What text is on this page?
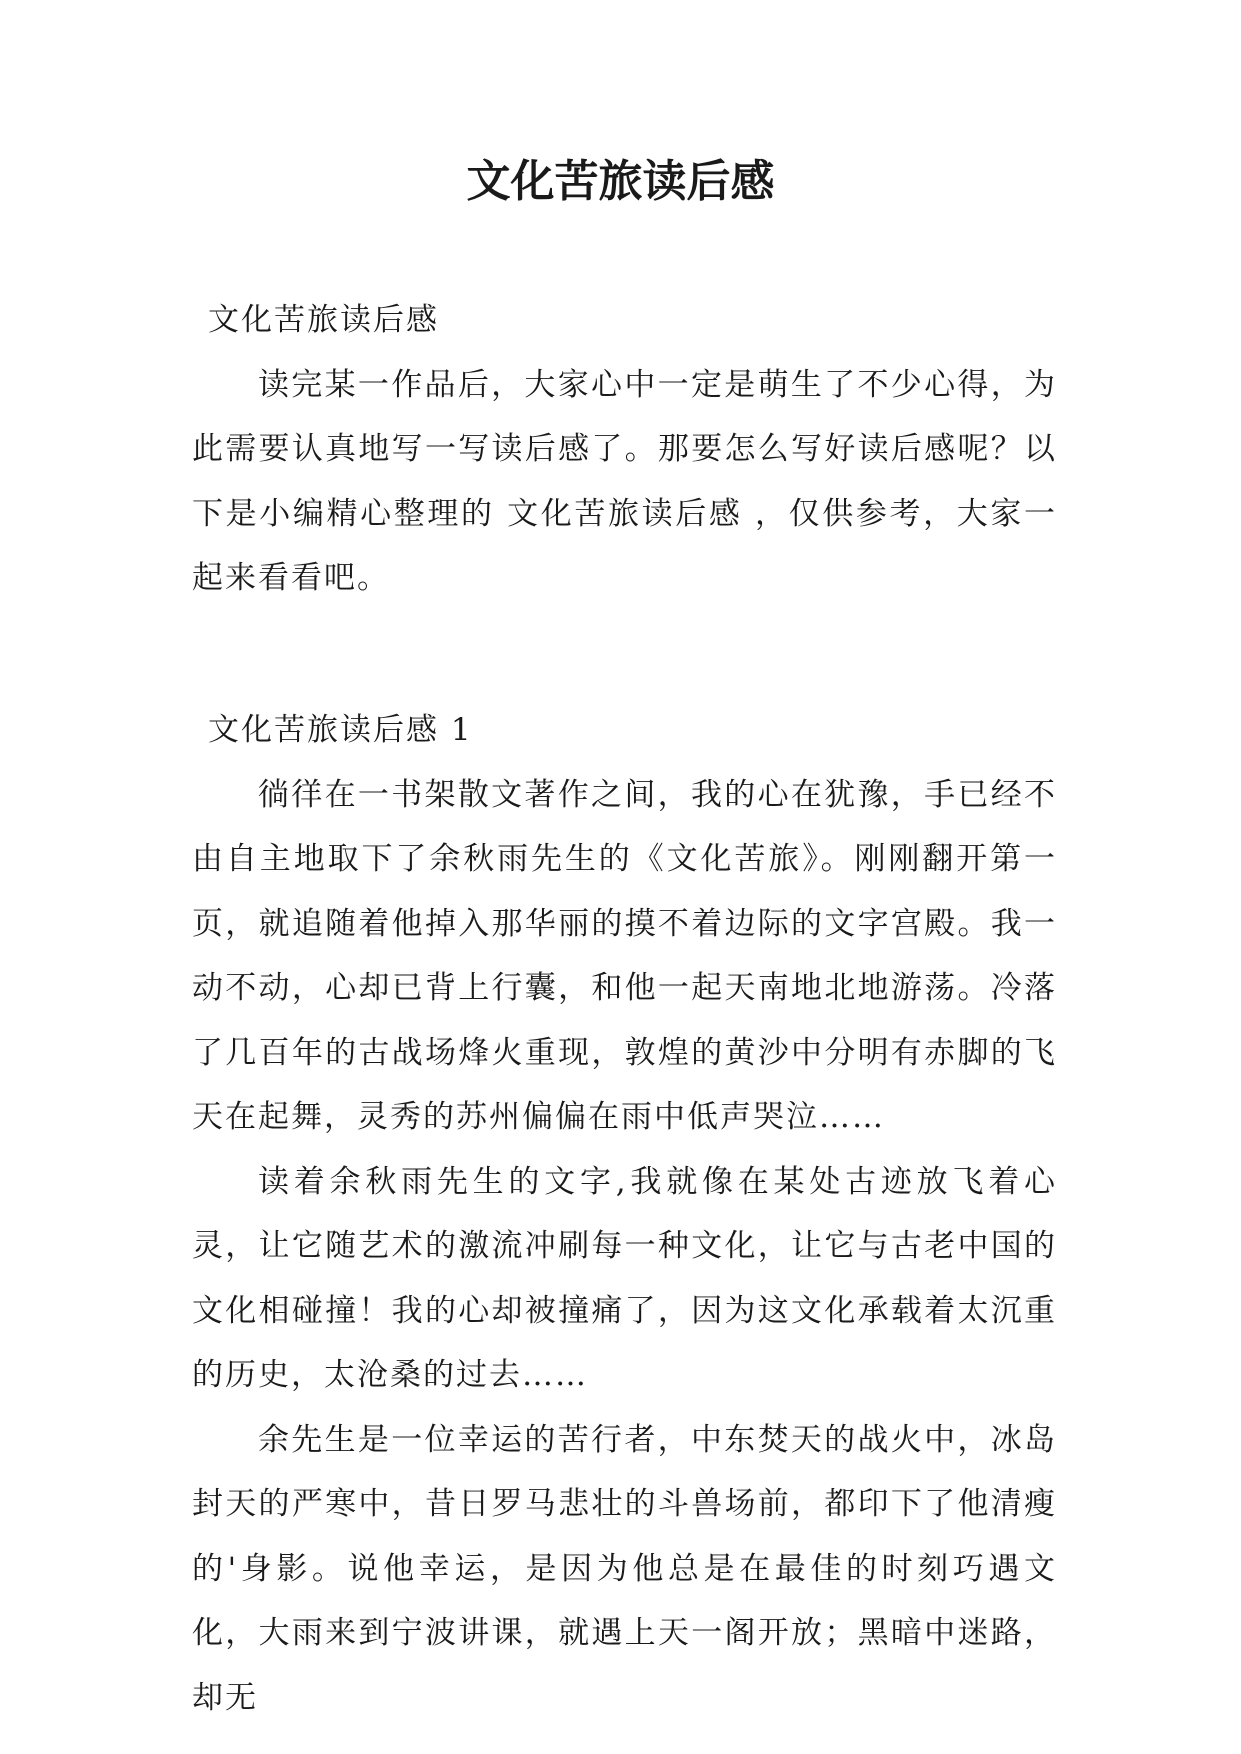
文化苦旅读后感
文化苦旅读后感

读完某一作品后，大家心中一定是萌生了不少心得，为此需要认真地写一写读后感了。那要怎么写好读后感呢？以下是小编精心整理的 文化苦旅读后感 ，仅供参考，大家一起来看看吧。

文化苦旅读后感 1

徜徉在一书架散文著作之间，我的心在犹豫，手已经不由自主地取下了余秋雨先生的《文化苦旅》。刚刚翻开第一页，就追随着他掉入那华丽的摸不着边际的文字宫殿。我一动不动，心却已背上行囊，和他一起天南地北地游荡。冷落了几百年的古战场烽火重现，敦煌的黄沙中分明有赤脚的飞天在起舞，灵秀的苏州偏偏在雨中低声哭泣……

读着余秋雨先生的文字,我就像在某处古迹放飞着心灵，让它随艺术的激流冲刷每一种文化，让它与古老中国的文化相碰撞！我的心却被撞痛了，因为这文化承载着太沉重的历史，太沧桑的过去……

余先生是一位幸运的苦行者，中东焚天的战火中，冰岛封天的严寒中，昔日罗马悲壮的斗兽场前，都印下了他清瘦的'身影。说他幸运，是因为他总是在最佳的时刻巧遇文化，大雨来到宁波讲课，就遇上天一阁开放；黑暗中迷路，却无
